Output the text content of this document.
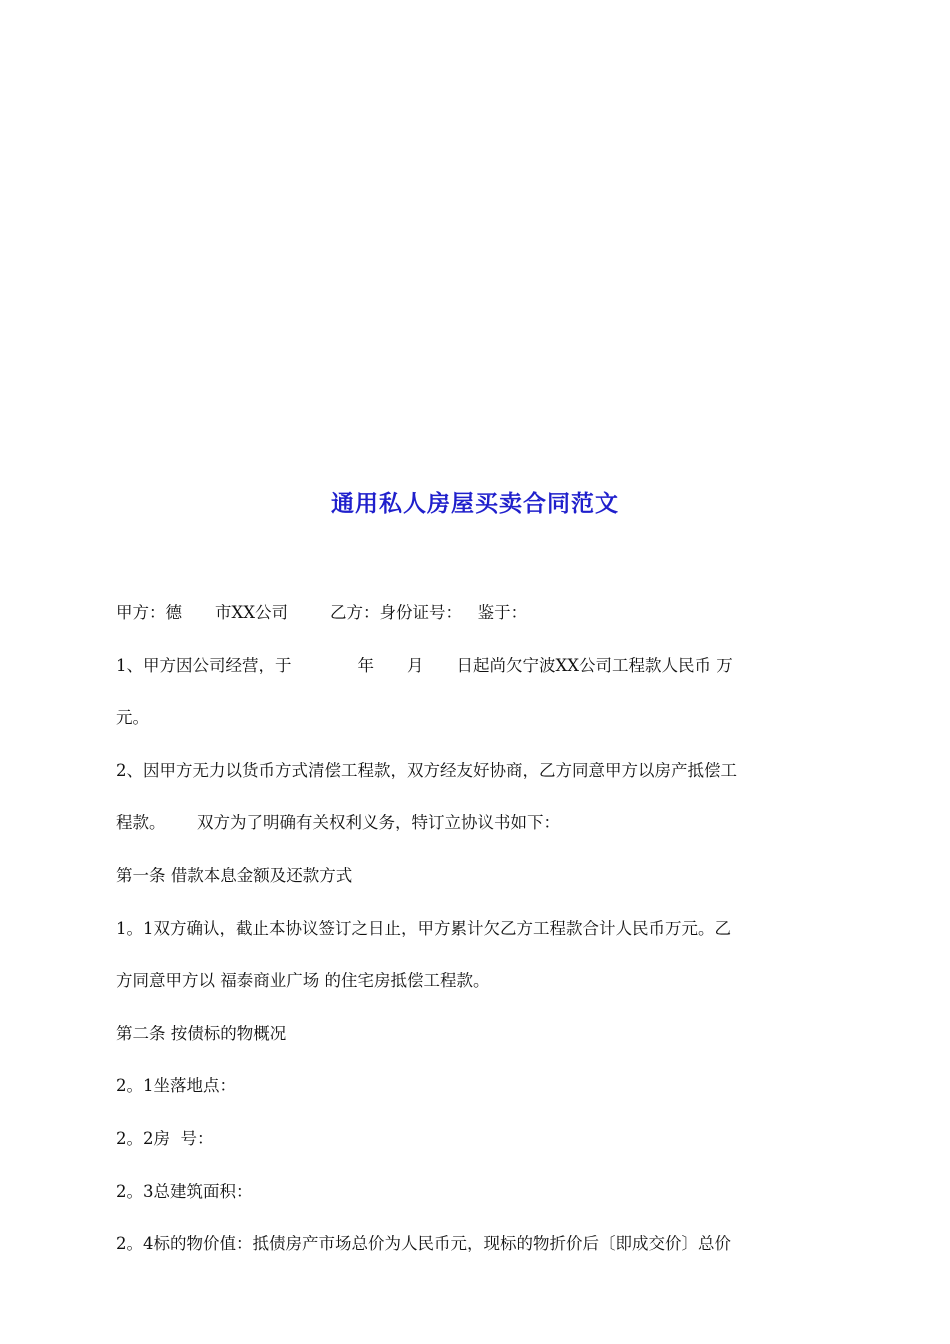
通用私人房屋买卖合同范文
甲方：德____市XX公司        乙方：身份证号：   鉴于：
1、甲方因公司经营，于________年____月____日起尚欠宁波XX公司工程款人民币 万
元。
2、因甲方无力以货币方式清偿工程款，双方经友好协商，乙方同意甲方以房产抵偿工
程款。      双方为了明确有关权利义务，特订立协议书如下：
第一条 借款本息金额及还款方式
1。1双方确认，截止本协议签订之日止，甲方累计欠乙方工程款合计人民币万元。乙
方同意甲方以 福泰商业广场 的住宅房抵偿工程款。
第二条 按债标的物概况
2。1坐落地点：
2。2房  号：
2。3总建筑面积：
2。4标的物价值：抵债房产市场总价为人民币元，现标的物折价后〔即成交价〕总价
